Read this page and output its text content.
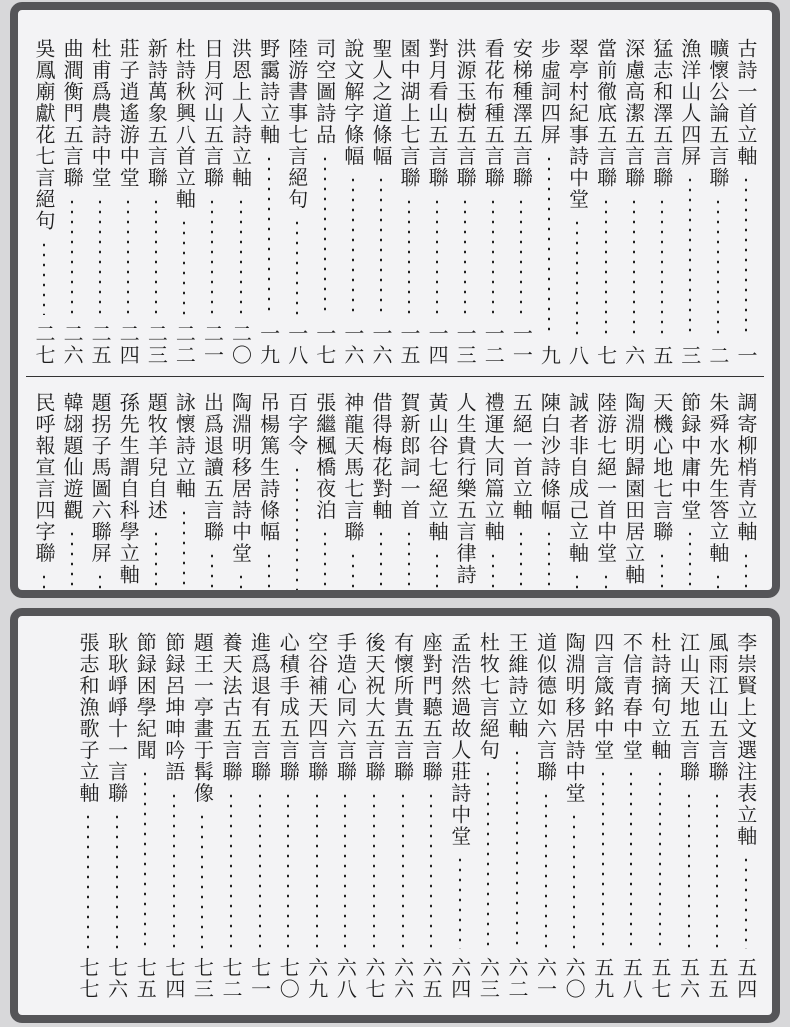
古詩一首立軸
一
曠懷公論五言聯
二
漁洋山人四屏
三
猛志和澤五言聯
五
深慮高潔五言聯
六
當前徹底五言聯
七
翠亭村紀事詩中堂
八
步虛詞四屏
九
安梯種澤五言聯
一一
看花布種五言聯
一二
洪源玉樹五言聯
一三
對月看山五言聯
一四
園中湖上七言聯
一五
聖人之道條幅
一六
說文解字條幅
一六
司空圖詩品
一七
陸游書事七言絕句
一八
野靄詩立軸
一九
洪恩上人詩立軸
二〇
日月河山五言聯
二一
杜詩秋興八首立軸
二二
新詩萬象五言聯
二三
莊子逍遙游中堂
二四
杜甫爲農詩中堂
二五
曲澗衡門五言聯
二六
吳鳳廟獻花七言絕句
二七
調寄柳梢青立軸
朱舜水先生答立軸
節録中庸中堂
天機心地七言聯
陶淵明歸園田居立軸
陸游七絕一首中堂
誠者非自成己立軸
陳白沙詩條幅
五絕一首立軸
禮運大同篇立軸
人生貴行樂五言律詩
黃山谷七絕立軸
賀新郎詞一首
借得梅花對軸
神龍天馬七言聯
張繼楓橋夜泊
百字令
吊楊篤生詩條幅
陶淵明移居詩中堂
出爲退讀五言聯
詠懷詩立軸
題牧羊兒自述
孫先生謂自科學立軸
題拐子馬圖六聯屏
韓翃題仙遊觀
民呼報宣言四字聯
李崇賢上文選注表立軸
五四
風雨江山五言聯
五五
江山天地五言聯
五六
杜詩摘句立軸
五七
不信青春中堂
五八
四言箴銘中堂
五九
陶淵明移居詩中堂
六〇
道似德如六言聯
六一
王維詩立軸
六二
杜牧七言絕句
六三
孟浩然過故人莊詩中堂
六四
座對門聽五言聯
六五
有懷所貴五言聯
六六
後天祝大五言聯
六七
手造心同六言聯
六八
空谷補天四言聯
六九
心積手成五言聯
七〇
進爲退有五言聯
七一
養天法古五言聯
七二
題王一亭畫于髯像
七三
節録呂坤呻吟語
七四
節録困學紀聞
七五
耿耿崢崢十一言聯
七六
張志和漁歌子立軸
七七
